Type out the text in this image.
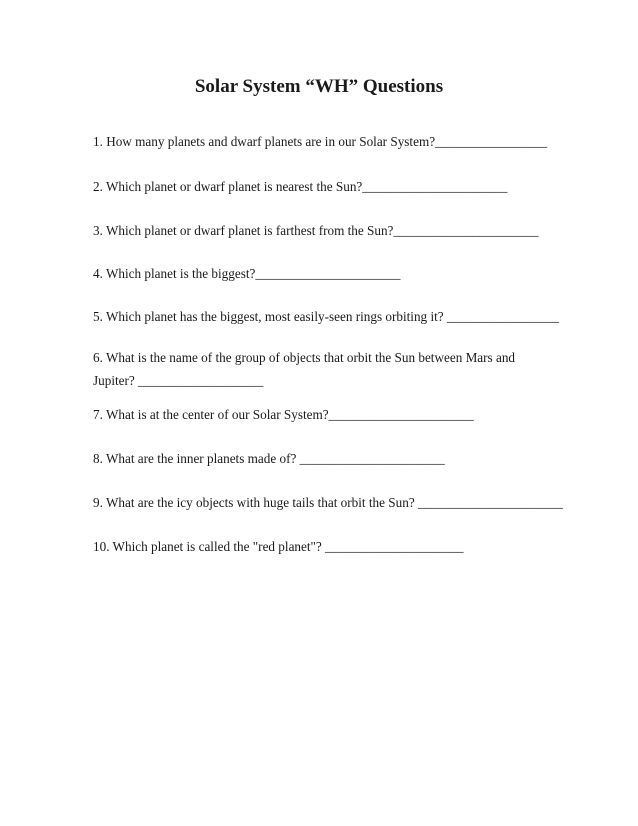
Solar System “WH” Questions
1. How many planets and dwarf planets are in our Solar System?_________________
2. Which planet or dwarf planet is nearest the Sun?______________________
3. Which planet or dwarf planet is farthest from the Sun?______________________
4. Which planet is the biggest?______________________
5. Which planet has the biggest, most easily-seen rings orbiting it? _________________
6. What is the name of the group of objects that orbit the Sun between Mars and Jupiter? ___________________
7. What is at the center of our Solar System?______________________
8. What are the inner planets made of? ______________________
9. What are the icy objects with huge tails that orbit the Sun? ______________________
10. Which planet is called the "red planet"? _____________________
